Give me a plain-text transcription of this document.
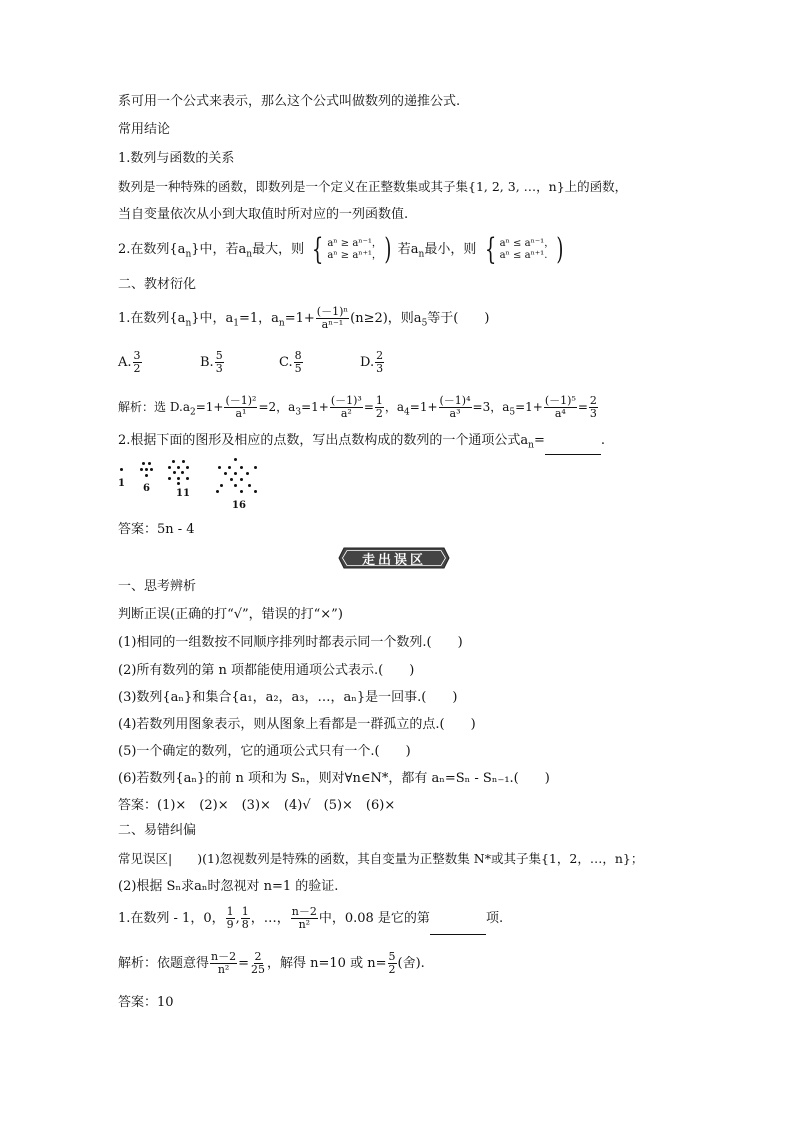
系可用一个公式来表示，那么这个公式叫做数列的递推公式.
常用结论
1.数列与函数的关系
数列是一种特殊的函数，即数列是一个定义在正整数集或其子集{1, 2, 3, …，n}上的函数，
当自变量依次从小到大取值时所对应的一列函数值.
2.在数列$\{a_n\}$中，若$a_n$最大，则 { aⁿ ≥ aⁿ⁻¹，
aⁿ ≥ aⁿ⁺¹， ) 若$a_n$最小，则 { aⁿ ≤ aⁿ⁻¹，
aⁿ ≤ aⁿ⁺¹. )
二、教材衍化
1.在数列$\{a_n\}$中，$a_1=1$，$a_n=1+ \frac{\text{(－1)ⁿ}}{\text{aⁿ⁻¹}} (n\ge 2)$，则$a_5$等于(　　)
A. $\frac{3}{2}$	B. $\frac{5}{3}$	C. $\frac{8}{5}$	D. $\frac{2}{3}$
解析：选 $D.a_2=1+ \frac{\text{(－1)²}}{\text{a¹}} =2$，$a_3=1+ \frac{\text{(－1)³}}{\text{a²}} = \frac{1}{2}$ ，$a_4=1+ \frac{\text{(－1)⁴}}{\text{a³}} =3$，$a_5=1+ \frac{\text{(－1)⁵}}{\text{a⁴}} = \frac{2}{3}$
2.根据下面的图形及相应的点数，写出点数构成的数列的一个通项公式$a_n=$	.
1 6	11
16
答案：5n - 4
走出误区
一、思考辨析
判断正误(正确的打“√”，错误的打“×”)
(1)相同的一组数按不同顺序排列时都表示同一个数列.(　　)
(2)所有数列的第 n 项都能使用通项公式表示.(　　)
(3)数列{aₙ}和集合{a₁，a₂，a₃，…，aₙ}是一回事.(　　)
(4)若数列用图象表示，则从图象上看都是一群孤立的点.(　　)
(5)一个确定的数列，它的通项公式只有一个.(　　)
(6)若数列{aₙ}的前 n 项和为 Sₙ，则对∀n∈N*，都有 aₙ=Sₙ - Sₙ₋₁.(　　)
答案：(1)×　(2)×　(3)×　(4)√　(5)×　(6)×
二、易错纠偏
常见误区|　　)(1)忽视数列是特殊的函数，其自变量为正整数集 N*或其子集{1，2，…，n}；
(2)根据 Sₙ求aₙ时忽视对 n=1 的验证.
1.在数列 - 1，0， $\frac{1}{9}$ , $\frac{1}{8}$ ，…， $\frac{n-2}{\text{n²}}$ 中，0.08 是它的第	项.
解析：依题意得 $\frac{n-2}{\text{n²}} = \frac{2}{25}$ ，解得 n=10 或 $n= \frac{5}{2}$ (舍).
答案：10
